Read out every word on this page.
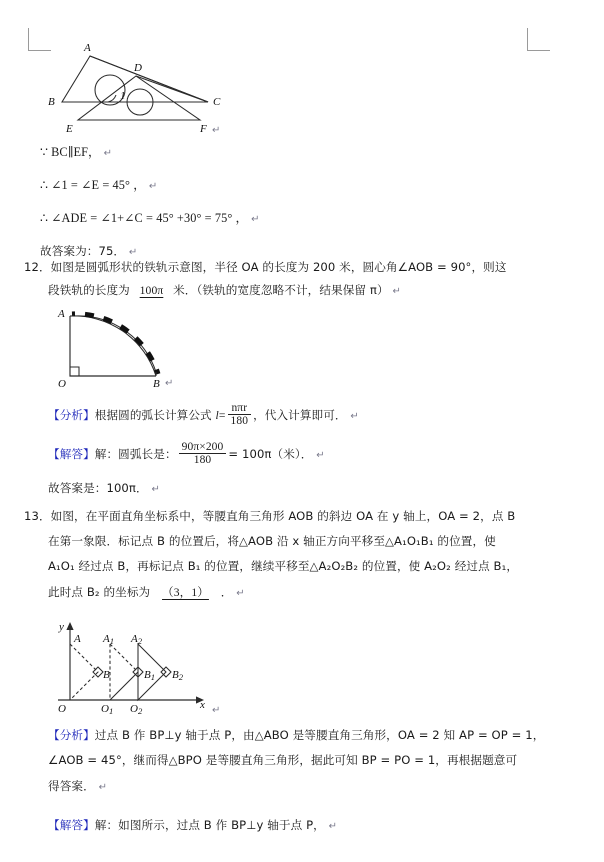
A
D
B	1	C
E	F ↵
∵ BC∥EF， ↵
∴ ∠1 = ∠E = 45° ， ↵
∴ ∠ADE = ∠1+∠C = 45° +30° = 75° ， ↵
故答案为：75． ↵
12．如图是圆弧形状的铁轨示意图，半径 OA 的长度为 200 米，圆心角∠AOB = 90°，则这
段铁轨的长度为 100π 米．（铁轨的宽度忽略不计，结果保留 π） ↵
A
O	B ↵
【分析】根据圆的弧长计算公式 $l= \frac{\text{nπr}}{180}$ ，代入计算即可． ↵
【解答】解：圆弧长是： $\frac{90\pi\times 200}{180} = 100\pi$（米）． ↵
故答案是：100π． ↵
13．如图，在平面直角坐标系中，等腰直角三角形 AOB 的斜边 OA 在 y 轴上，OA = 2，点 B
在第一象限．标记点 B 的位置后，将△AOB 沿 x 轴正方向平移至△A₁O₁B₁ 的位置，使
A₁O₁ 经过点 B，再标记点 B₁ 的位置，继续平移至△A₂O₂B₂ 的位置，使 A₂O₂ 经过点 B₁，
此时点 B₂ 的坐标为 （3，1） ． ↵
y
x
O
A
B
A1 A2
B1 B2
O1 O2	↵
【分析】过点 B 作 BP⊥y 轴于点 P，由△ABO 是等腰直角三角形，OA = 2 知 AP = OP = 1，
∠AOB = 45°，继而得△BPO 是等腰直角三角形，据此可知 BP = PO = 1，再根据题意可
得答案． ↵
【解答】解：如图所示，过点 B 作 BP⊥y 轴于点 P， ↵
